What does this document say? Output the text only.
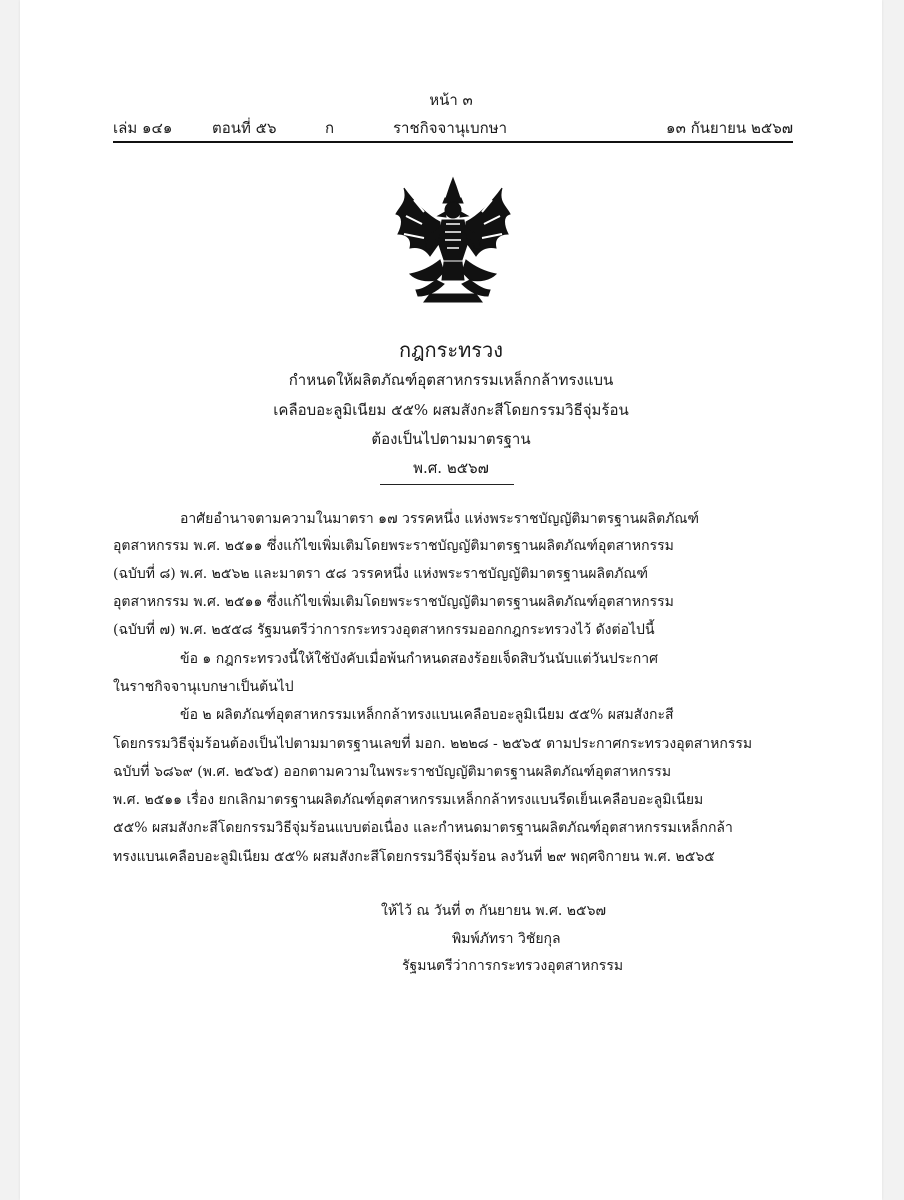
หน้า ๓
เล่ม ๑๔๑	ตอนที่ ๕๖	ก	ราชกิจจานุเบกษา	๑๓ กันยายน ๒๕๖๗
กฎกระทรวง
กำหนดให้ผลิตภัณฑ์อุตสาหกรรมเหล็กกล้าทรงแบน
เคลือบอะลูมิเนียม ๕๕% ผสมสังกะสีโดยกรรมวิธีจุ่มร้อน
ต้องเป็นไปตามมาตรฐาน
พ.ศ. ๒๕๖๗
อาศัยอำนาจตามความในมาตรา ๑๗ วรรคหนึ่ง แห่งพระราชบัญญัติมาตรฐานผลิตภัณฑ์
อุตสาหกรรม พ.ศ. ๒๕๑๑ ซึ่งแก้ไขเพิ่มเติมโดยพระราชบัญญัติมาตรฐานผลิตภัณฑ์อุตสาหกรรม
(ฉบับที่ ๘) พ.ศ. ๒๕๖๒ และมาตรา ๕๘ วรรคหนึ่ง แห่งพระราชบัญญัติมาตรฐานผลิตภัณฑ์
อุตสาหกรรม พ.ศ. ๒๕๑๑ ซึ่งแก้ไขเพิ่มเติมโดยพระราชบัญญัติมาตรฐานผลิตภัณฑ์อุตสาหกรรม
(ฉบับที่ ๗) พ.ศ. ๒๕๕๘ รัฐมนตรีว่าการกระทรวงอุตสาหกรรมออกกฎกระทรวงไว้ ดังต่อไปนี้
ข้อ ๑ กฎกระทรวงนี้ให้ใช้บังคับเมื่อพ้นกำหนดสองร้อยเจ็ดสิบวันนับแต่วันประกาศ
ในราชกิจจานุเบกษาเป็นต้นไป
ข้อ ๒ ผลิตภัณฑ์อุตสาหกรรมเหล็กกล้าทรงแบนเคลือบอะลูมิเนียม ๕๕% ผสมสังกะสี
โดยกรรมวิธีจุ่มร้อนต้องเป็นไปตามมาตรฐานเลขที่ มอก. ๒๒๒๘ - ๒๕๖๕ ตามประกาศกระทรวงอุตสาหกรรม
ฉบับที่ ๖๘๖๙ (พ.ศ. ๒๕๖๕) ออกตามความในพระราชบัญญัติมาตรฐานผลิตภัณฑ์อุตสาหกรรม
พ.ศ. ๒๕๑๑ เรื่อง ยกเลิกมาตรฐานผลิตภัณฑ์อุตสาหกรรมเหล็กกล้าทรงแบนรีดเย็นเคลือบอะลูมิเนียม
๕๕% ผสมสังกะสีโดยกรรมวิธีจุ่มร้อนแบบต่อเนื่อง และกำหนดมาตรฐานผลิตภัณฑ์อุตสาหกรรมเหล็กกล้า
ทรงแบนเคลือบอะลูมิเนียม ๕๕% ผสมสังกะสีโดยกรรมวิธีจุ่มร้อน ลงวันที่ ๒๙ พฤศจิกายน พ.ศ. ๒๕๖๕
ให้ไว้ ณ วันที่ ๓ กันยายน พ.ศ. ๒๕๖๗
พิมพ์ภัทรา วิชัยกุล
รัฐมนตรีว่าการกระทรวงอุตสาหกรรม
